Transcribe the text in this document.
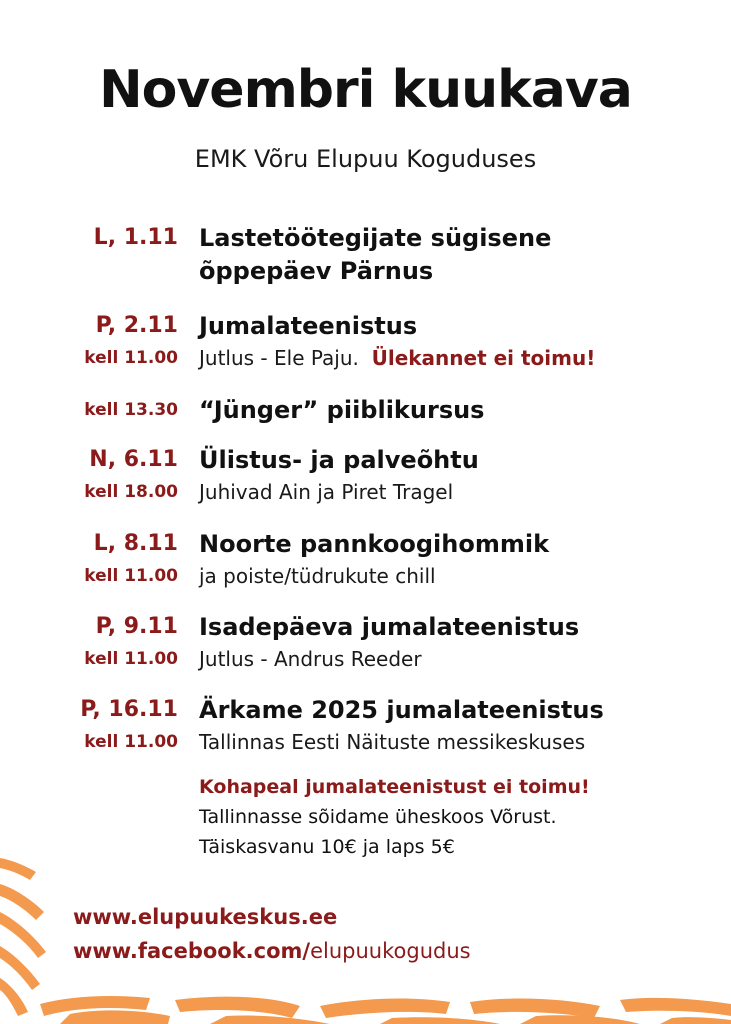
Novembri kuukava
EMK Võru Elupuu Koguduses
L, 1.11 Lastetöötegijate sügisene
õppepäev Pärnus
P, 2.11
kell 11.00
Jumalateenistus
Jutlus - Ele Paju. Ülekannet ei toimu!
kell 13.30 “Jünger” piiblikursus
N, 6.11
kell 18.00
Ülistus- ja palveõhtu
Juhivad Ain ja Piret Tragel
L, 8.11
kell 11.00
Noorte pannkoogihommik
ja poiste/tüdrukute chill
P, 9.11
kell 11.00
Isadepäeva jumalateenistus
Jutlus - Andrus Reeder
P, 16.11
kell 11.00
Ärkame 2025 jumalateenistus
Tallinnas Eesti Näituste messikeskuses
Kohapeal jumalateenistust ei toimu!
Tallinnasse sõidame üheskoos Võrust.
Täiskasvanu 10€ ja laps 5€
www.elupuukeskus.ee
www.facebook.com/elupuukogudus
